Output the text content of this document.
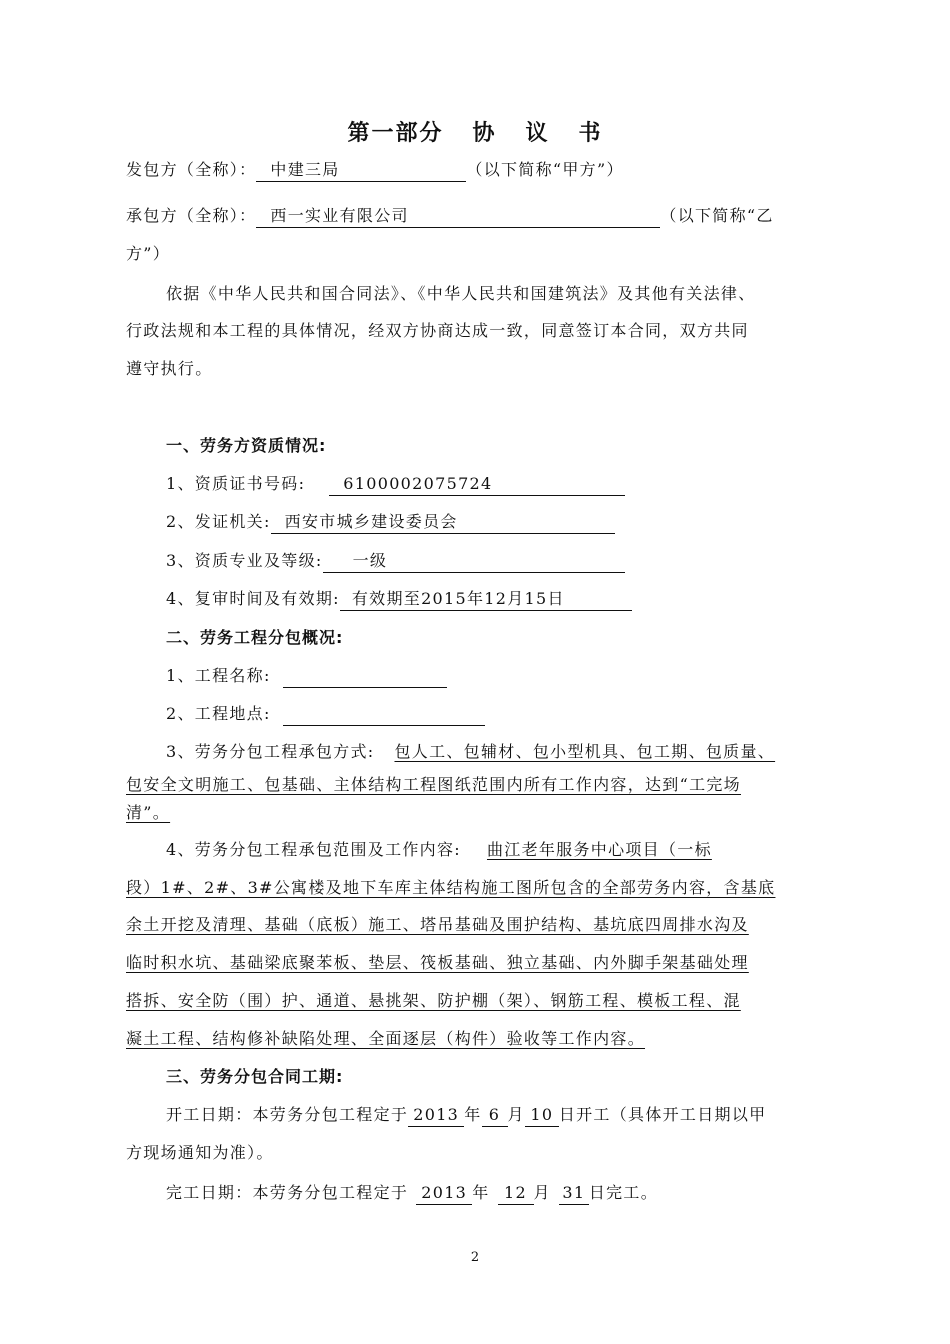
第一部分   协   议   书
发包方（全称）： 中建三局	（以下简称“甲方”）
承包方（全称）： 西一实业有限公司	（以下简称“乙
方”）
依据《中华人民共和国合同法》、《中华人民共和国建筑法》及其他有关法律、
行政法规和本工程的具体情况，经双方协商达成一致，同意签订本合同，双方共同
遵守执行。
一、劳务方资质情况:
1、资质证书号码: 6100002075724
2、发证机关: 西安市城乡建设委员会
3、资质专业及等级: 一级
4、复审时间及有效期: 有效期至2015年12月15日
二、劳务工程分包概况:
1、工程名称:
2、工程地点:
3、劳务分包工程承包方式: 包人工、包辅材、包小型机具、包工期、包质量、
包安全文明施工、包基础、主体结构工程图纸范围内所有工作内容，达到“工完场
清”。
4、劳务分包工程承包范围及工作内容: 曲江老年服务中心项目（一标
段）1#、2#、3#公寓楼及地下车库主体结构施工图所包含的全部劳务内容，含基底
余土开挖及清理、基础（底板）施工、塔吊基础及围护结构、基坑底四周排水沟及
临时积水坑、基础梁底聚苯板、垫层、筏板基础、独立基础、内外脚手架基础处理
搭拆、安全防（围）护、通道、悬挑架、防护棚（架）、钢筋工程、模板工程、混
凝土工程、结构修补缺陷处理、全面逐层（构件）验收等工作内容。
三、劳务分包合同工期:
开工日期：本劳务分包工程定于 2013 年 6 月 10 日开工（具体开工日期以甲
方现场通知为准）。
完工日期：本劳务分包工程定于 2013 年 12 月 31 日完工。
2
